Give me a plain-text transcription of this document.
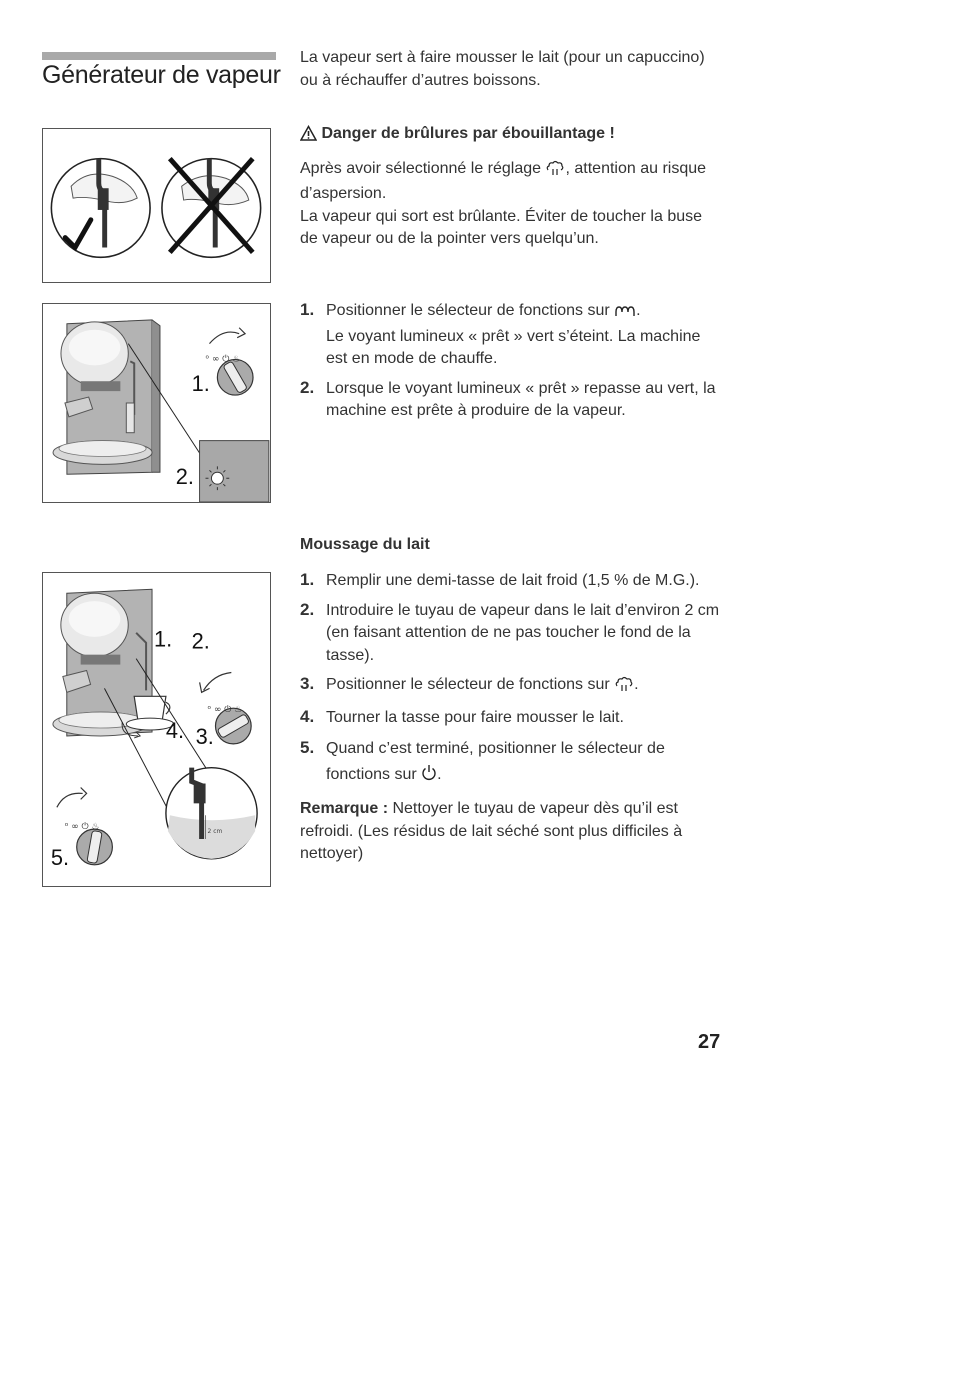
Générateur de vapeur

La vapeur sert à faire mousser le lait (pour un capuccino) ou à réchauffer d’autres boissons.

Danger de brûlures par ébouillantage !

Après avoir sélectionné le réglage , attention au risque d’aspersion.

La vapeur qui sort est brûlante. Éviter de toucher la buse de vapeur ou de la pointer vers quelqu’un.

ᵒ ∞ ⏻ ♨
1.
2.
1. Positionner le sélecteur de fonctions sur .
Le voyant lumineux « prêt » vert s’éteint. La machine est en mode de chauffe.
2. Lorsque le voyant lumineux « prêt » repasse au vert, la machine est prête à produire de la vapeur.
Moussage du lait
ᵒ ∞ ⏻ ♨
ᵒ ∞ ⏻ ♨	2 cm
1. 2.
4. 3.
5.
1. Remplir une demi-tasse de lait froid (1,5 % de M.G.).
2. Introduire le tuyau de vapeur dans le lait d’environ 2 cm (en faisant attention de ne pas toucher le fond de la tasse).
3. Positionner le sélecteur de fonctions sur .
4. Tourner la tasse pour faire mousser le lait.
5. Quand c’est terminé, positionner le sélecteur de fonctions sur .

Remarque : Nettoyer le tuyau de vapeur dès qu’il est refroidi. (Les résidus de lait séché sont plus difficiles à nettoyer)

27
